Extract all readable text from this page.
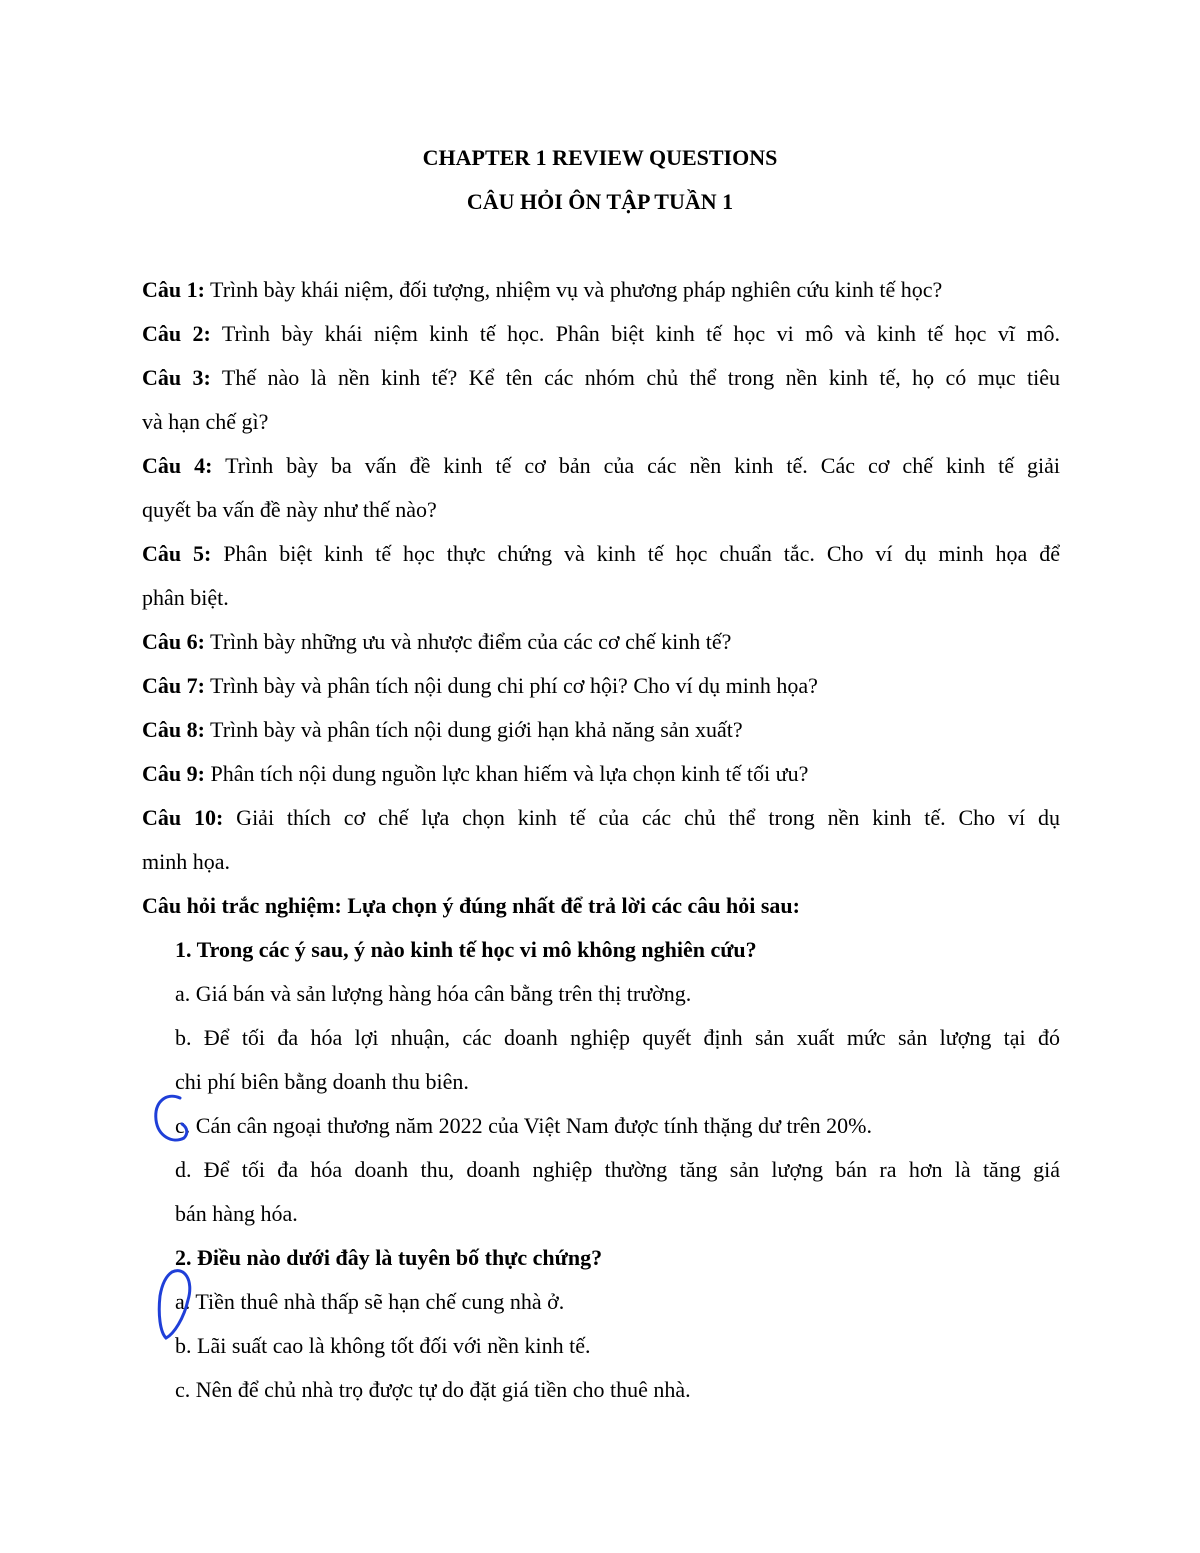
CHAPTER 1 REVIEW QUESTIONS
CÂU HỎI ÔN TẬP TUẦN 1
Câu 1: Trình bày khái niệm, đối tượng, nhiệm vụ và phương pháp nghiên cứu kinh tế học?
Câu 2: Trình bày khái niệm kinh tế học. Phân biệt kinh tế học vi mô và kinh tế học vĩ mô.
Câu 3: Thế nào là nền kinh tế? Kể tên các nhóm chủ thể trong nền kinh tế, họ có mục tiêu
và hạn chế gì?
Câu 4: Trình bày ba vấn đề kinh tế cơ bản của các nền kinh tế. Các cơ chế kinh tế giải
quyết ba vấn đề này như thế nào?
Câu 5: Phân biệt kinh tế học thực chứng và kinh tế học chuẩn tắc. Cho ví dụ minh họa để
phân biệt.
Câu 6: Trình bày những ưu và nhược điểm của các cơ chế kinh tế?
Câu 7: Trình bày và phân tích nội dung chi phí cơ hội? Cho ví dụ minh họa?
Câu 8: Trình bày và phân tích nội dung giới hạn khả năng sản xuất?
Câu 9: Phân tích nội dung nguồn lực khan hiếm và lựa chọn kinh tế tối ưu?
Câu 10: Giải thích cơ chế lựa chọn kinh tế của các chủ thể trong nền kinh tế. Cho ví dụ
minh họa.
Câu hỏi trắc nghiệm: Lựa chọn ý đúng nhất để trả lời các câu hỏi sau:
1. Trong các ý sau, ý nào kinh tế học vi mô không nghiên cứu?
a. Giá bán và sản lượng hàng hóa cân bằng trên thị trường.
b. Để tối đa hóa lợi nhuận, các doanh nghiệp quyết định sản xuất mức sản lượng tại đó
chi phí biên bằng doanh thu biên.
c. Cán cân ngoại thương năm 2022 của Việt Nam được tính thặng dư trên 20%.
d. Để tối đa hóa doanh thu, doanh nghiệp thường tăng sản lượng bán ra hơn là tăng giá
bán hàng hóa.
2. Điều nào dưới đây là tuyên bố thực chứng?
a. Tiền thuê nhà thấp sẽ hạn chế cung nhà ở.
b. Lãi suất cao là không tốt đối với nền kinh tế.
c. Nên để chủ nhà trọ được tự do đặt giá tiền cho thuê nhà.
